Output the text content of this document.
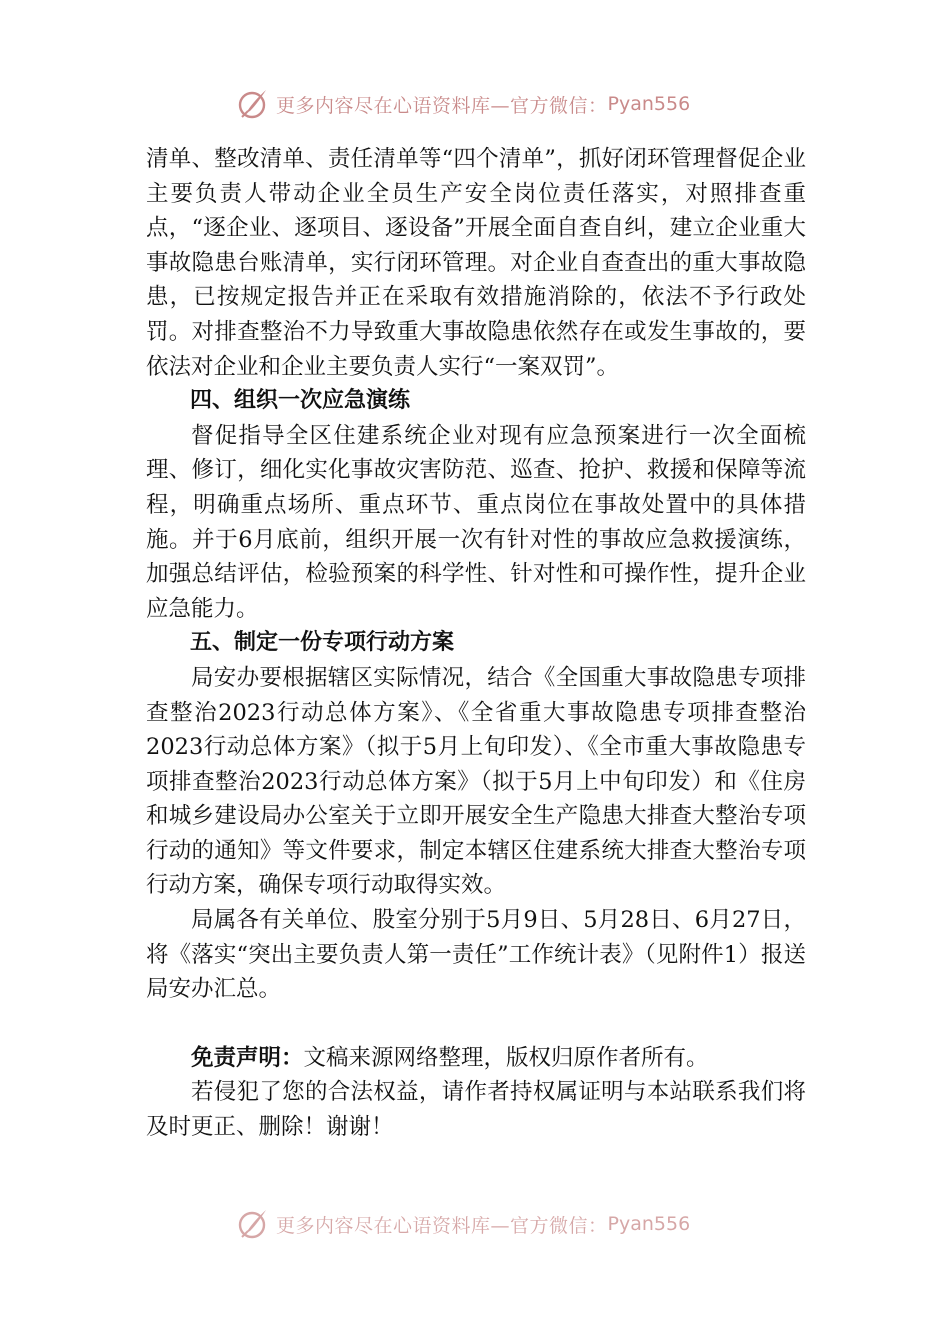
更多内容尽在心语资料库—官方微信： Pyan556

清单、整改清单、责任清单等“四个清单”，抓好闭环管理督促企业主要负责人带动企业全员生产安全岗位责任落实，对照排查重点，“逐企业、逐项目、逐设备”开展全面自查自纠，建立企业重大事故隐患台账清单，实行闭环管理。对企业自查查出的重大事故隐患，已按规定报告并正在采取有效措施消除的，依法不予行政处罚。对排查整治不力导致重大事故隐患依然存在或发生事故的，要依法对企业和企业主要负责人实行“一案双罚”。

四、组织一次应急演练

督促指导全区住建系统企业对现有应急预案进行一次全面梳理、修订，细化实化事故灾害防范、巡查、抢护、救援和保障等流程，明确重点场所、重点环节、重点岗位在事故处置中的具体措施。并于6月底前，组织开展一次有针对性的事故应急救援演练，加强总结评估，检验预案的科学性、针对性和可操作性，提升企业应急能力。

五、制定一份专项行动方案

局安办要根据辖区实际情况，结合《全国重大事故隐患专项排查整治2023行动总体方案》、《全省重大事故隐患专项排查整治2023行动总体方案》（拟于5月上旬印发）、《全市重大事故隐患专项排查整治2023行动总体方案》（拟于5月上中旬印发）和《住房和城乡建设局办公室关于立即开展安全生产隐患大排查大整治专项行动的通知》等文件要求，制定本辖区住建系统大排查大整治专项行动方案，确保专项行动取得实效。

局属各有关单位、股室分别于5月9日、5月28日、6月27日，将《落实“突出主要负责人第一责任”工作统计表》（见附件1）报送局安办汇总。

免责声明：文稿来源网络整理，版权归原作者所有。

若侵犯了您的合法权益，请作者持权属证明与本站联系我们将及时更正、删除！谢谢！

更多内容尽在心语资料库—官方微信： Pyan556
